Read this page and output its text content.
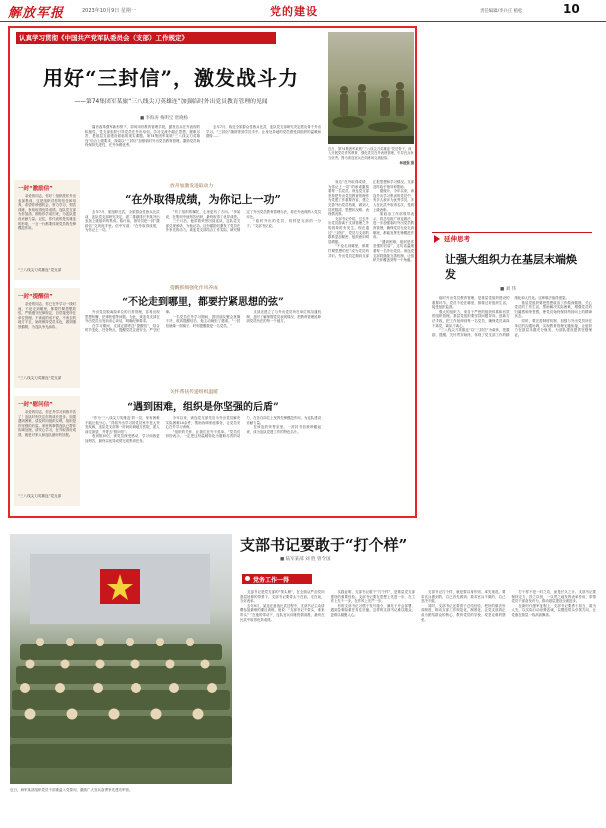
解放军报	2023年10月9日 星期一	党的建设	责任编辑/李兵庄 植松	10
认真学习贯彻《中国共产党军队委员会（支部）工作规定》
用好“三封信”，激发战斗力
——第74集团军某旅“三八线尖刀英雄连”加强临时外出党员教育管理的见闻
■ 李海涛 梅明宝 唐晓杨
近日，第74集团军某旅“三八线尖刀英雄连”党员骨干，深入开展党员作风教育，强化党员在外表现管理，引导官兵争当优秀。图为该连官兵在训练场交流经验。
林建强 摄

篇首改革强军新形势下，如何用好教育管理手段，激发官兵在外表现的积极性，党支部组织引导党员在外出培训、学习交流中端正思想，履职尽责，是基层支部建设面临的现实课题。第74集团军某旅“三八线尖刀英雄连”结合上级要求，探索以“三封信”加强临时外出党员教育管理，激励党员始终保持先进性，在外争做优秀。

去年7月，临近全旅群众性练兵比武，连队党支部研究决定派出骨干外出学习。“三封信”随即寄到学员手中，让身处异地的党员感受到组织的温暖和期待……

一封“激励信”

亲爱的同志，你好！组织派你外出参加集训，这是组织对你的信任和培养，希望你珍惜机会，努力学习，刻苦训练，争取取得优异成绩。连队党支部为你加油，期待你学成归来，为连队建设贡献力量。记住，你代表的是英雄连的形象，一言一行都要体现党员的先锋模范作用。

“三八线尖刀英雄连”党支部
一封“提醒信”

亲爱的同志，你已在外学习一段时间，不论走到哪里，都要拧紧思想的弦，严格遵守纪律规定，自觉接受所在单位管理。不该说的话不说，不该去的地方不去，始终保持党员本色，做到慎独慎微，为连队争光添彩。

“三八线尖刀英雄连”党支部
一封“慰问信”

亲爱的同志，你在外学习训练辛苦了！连队时刻关注你的成长进步。如果遇到困难，请及时向组织反映，组织是你坚强的后盾。家里的事情连队已帮你协调处理，请安心学习，在外取得好成绩，就是对家人和连队最好的回报。

“三八线尖刀英雄连”党支部
放舟加激发进取动力
“在外取得成绩，为你记上一功”

去年7月，旅组织比武，全旅群众性练兵比武前，连队党支部研究决定，派二排副排长李某外出参加上级组织的集训。临行前，指导员把一封“激励信”交到他手里。信中写道：“在外取得成绩，为你记上一功。”

“有了组织的嘱托，心里更有了方向。”李某说，在集训中他刻苦钻研，最终取得了优异成绩。

三个月后，他带着荣誉回到连队，连队党支部兑现承诺，为他记功。这份激励信激发了党员在外争先的动力。该连党支部结合工作实际，研究制定了外出党员教育管理办法，将在外表现纳入党员评比。

“临时外出的党员，同样是支部的一分子。”支部书记说。

提醒抓细强化作风养成
“不论走到哪里，都要拧紧思想的弦”

外出党员脱离原单位的日常管理，容易出现思想松懈、纪律松弛等问题。为此，该连党支部在外出党员出发前谈心谈话，明确纪律要求。

在学习期间，支部定期寄送“提醒信”，结合时节变化、任务特点，提醒党员注意安全、严守纪律。

一名党员在外学习期间，曾因朋友聚会犹豫不决，收到提醒信后，他主动婉拒了邀请。“一封信就像一面镜子，时刻提醒我是一名党员。”

支部还建立了与外出党员所在单位的沟通机制，及时了解掌握党员表现情况，把教育管理延伸到党员所在的每一个地方。

关怀帮扶传递组织温暖
“遇到困难，组织是你坚强的后盾”

“作为‘三八线尖刀英雄连’的一员，家有困难不能让他分心。”得知外出学习的党员家中老人突发疾病，连队党支部第一时间协调地方医院，派人前往探望，并寄去“慰问信”。

收到慰问信，该党员深受感动，学习训练更加刻苦，最终以优异成绩完成集训任务。

今年以来，该连党支部先后为外出党员解决实际困难10余件，帮助协调家庭事务，让党员安心在外学习训练。

“组织的关怀，让我们在外不孤单。”党员们纷纷表示，一定把这份温暖转化为履职尽责的动力，在各自岗位上发挥先锋模范作用，为连队建设贡献力量。

在该连的荣誉室里，一封封书信被珍藏起来，成为连队党建工作的特色名片。

身边“在外取得成绩，为你记上一功”的承诺激励着每一名党员。该连党支部坚持把外出党员教育管理作为党建工作重要内容，建立完善外出党员档案，做到人员底数清、思想状况明、表现情况准。

支部书记介绍，过去外出党员游离于支部管理之外的现象时有发生。现在通过“三封信”，党员与支部的联系更加紧密，组织意识明显增强。

“不论走到哪里，都要拧紧思想的弦”成为党员的共识。外出党员定期向支部汇报思想和学习情况，支部及时给予指导和帮助。

据统计，今年以来，该连外出学习集训的党员中，有多人被评为优秀学员，多人在比武中取得名次，受到上级表彰。

旅政治工作部领导表示，将总结推广该连做法，进一步加强临时外出党员教育管理，确保党员无论走到哪里，都能发挥先锋模范作用。

“遇到困难，组织是你坚强的后盾”，这句话温暖着每一名外出党员。该连党支部将继续完善机制，让组织关怀覆盖到每一个角落。

延伸思考
让强大组织力在基层末端焕发
■ 刘 伟

临时外出党员教育管理，是基层党组织建设的重要环节。党员不论在哪里，都要过好组织生活，接受组织监督。

强大的组织力，来自于严密的组织体系和有效的组织管理。基层党组织要坚持问题导向，创新方法手段，把工作延伸到每一名党员，确保党员离岗不离党、离队不离心。

“三八线尖刀英雄连”以“三封信”为载体，把激励、提醒、关怀贯穿始终，体现了党支部工作的精细化和人性化。这种做法值得借鉴。

基层党组织要把思想政治工作做深做细，关心党员的工作生活，帮助解决实际困难，增强党员的归属感和荣誉感，使党员始终保持昂扬向上的精神状态。

同时，要完善制度机制，加强与外出党员所在单位的沟通协调，实现教育管理无缝衔接，让组织力在基层末端充分焕发，为部队建设提供坚强保证。

支部书记要敢于“打个样”
■ 陆军某部 刘 胜 曾令国
近日，海军某部组织党员干部重温入党誓词，激励广大官兵奋勇争先建功军营。
党务工作一得

支部书记是党支部的“领头雁”，在全面从严治党向基层延伸的背景下，支部书记要带头干在前、走在前，当好表率。

去年9月，某连在备战比武过程中，支部书记主动请缨参加最难的课目训练。他说：“支部书记不带头，谁来带头？”在他的带动下，连队官兵训练热情高涨，最终在比武中取得优异成绩。

实践证明，支部书记敢于“打个样”，是基层党支部建设的重要经验。支部书记要在思想上先进一步，在工作上先干一步，在作风上先严一步。

有的支部书记习惯于发号施令，满足于开会部署，遇到急难险重任务往后缩。这样的支部书记难以服众，更难以凝聚人心。

支部书记打个样，就是要以身作则、率先垂范。要求官兵做到的，自己首先做到；要求官兵不做的，自己坚决不做。

同时，支部书记还要善于总结经验，把好的做法形成制度，推动支部工作规范化、制度化，让党支部真正成为团结群众的核心、教育党员的学校、攻坚克难的堡垒。

打个样不是一时之功，而是长久之计。支部书记要保持定力，持之以恒，一以贯之地发挥表率作用，带领党员干部奋发有为，推动基层建设全面进步。

在新时代强军征程上，支部书记要勇于担当，敢为人先，以实际行动诠释忠诚，以模范带头引领方向，让党旗在基层一线高高飘扬。
